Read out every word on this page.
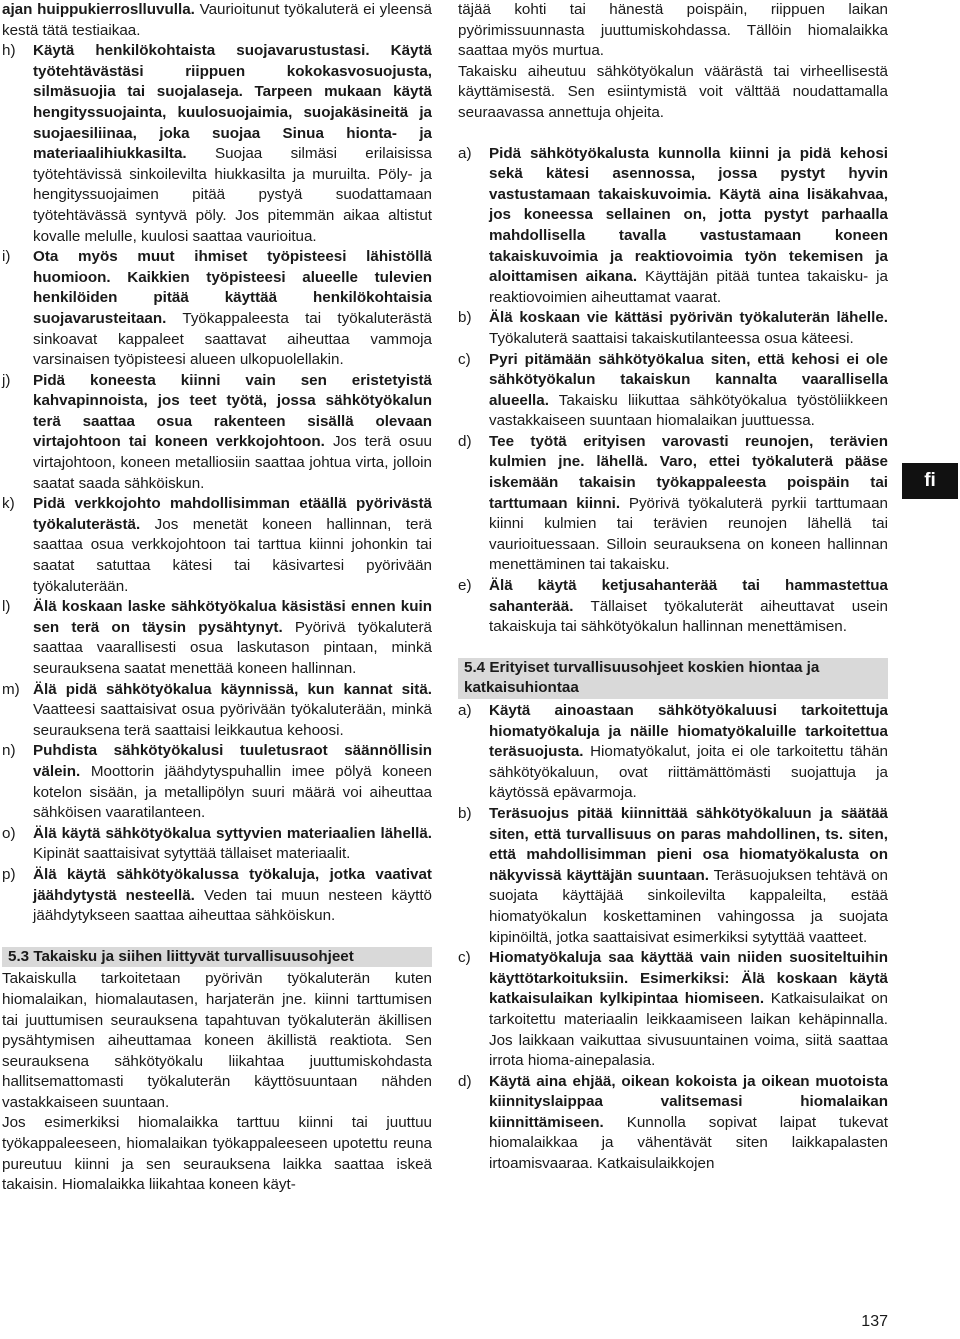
ajan huippukierroslluvulla. Vaurioitunut työkaluterä ei yleensä kestä tätä testiaikaa.
h) Käytä henkilökohtaista suojavarustustasi. Käytä työtehtävästäsi riippuen kokokasvosuojusta, silmäsuojia tai suojalaseja. Tarpeen mukaan käytä hengityssuojainta, kuulosuojaimia, suojakäsineitä ja suojaesiliinaa, joka suojaa Sinua hionta- ja materiaalihiukkasilta. Suojaa silmäsi erilaisissa työtehtävissä sinkoilevilta hiukkasilta ja muruilta. Pöly- ja hengityssuojaimen pitää pystyä suodattamaan työtehtävässä syntyvä pöly. Jos pitemmän aikaa altistut kovalle melulle, kuulosi saattaa vaurioitua.
i) Ota myös muut ihmiset työpisteesi lähistöllä huomioon. Kaikkien työpisteesi alueelle tulevien henkilöiden pitää käyttää henkilökohtaisia suojavarusteitaan. Työkappaleesta tai työkaluterästä sinkoavat kappaleet saattavat aiheuttaa vammoja varsinaisen työpisteesi alueen ulkopuolellakin.
j) Pidä koneesta kiinni vain sen eristetyistä kahvapinnoista, jos teet työtä, jossa sähkötyökalun terä saattaa osua rakenteen sisällä olevaan virtajohtoon tai koneen verkkojohtoon. Jos terä osuu virtajohtoon, koneen metalliosiin saattaa johtua virta, jolloin saatat saada sähköiskun.
k) Pidä verkkojohto mahdollisimman etäällä pyörivästä työkaluterästä. Jos menetät koneen hallinnan, terä saattaa osua verkkojohtoon tai tarttua kiinni johonkin tai saatat satuttaa kätesi tai käsivartesi pyörivään työkaluterään.
l) Älä koskaan laske sähkötyökalua käsistäsi ennen kuin sen terä on täysin pysähtynyt. Pyörivä työkaluterä saattaa vaarallisesti osua laskutason pintaan, minkä seurauksena saatat menettää koneen hallinnan.
m) Älä pidä sähkötyökalua käynnissä, kun kannat sitä. Vaatteesi saattaisivat osua pyörivään työkaluterään, minkä seurauksena terä saattaisi leikkautua kehoosi.
n) Puhdista sähkötyökalusi tuuletusraot säännöllisin välein. Moottorin jäähdytyspuhallin imee pölyä koneen kotelon sisään, ja metallipölyn suuri määrä voi aiheuttaa sähköisen vaaratilanteen.
o) Älä käytä sähkötyökalua syttyvien materiaalien lähellä. Kipinät saattaisivat sytyttää tällaiset materiaalit.
p) Älä käytä sähkötyökalussa työkaluja, jotka vaativat jäähdytystä nesteellä. Veden tai muun nesteen käyttö jäähdytykseen saattaa aiheuttaa sähköiskun.
5.3 Takaisku ja siihen liittyvät turvallisuusohjeet
Takaiskulla tarkoitetaan pyörivän työkaluterän kuten hiomalaikan, hiomalautasen, harjaterän jne. kiinni tarttumisen tai juuttumisen seurauksena tapahtuvan työkaluterän äkillisen pysähtymisen aiheuttamaa koneen äkillistä reaktiota. Sen seurauksena sähkötyökalu liikahtaa juuttumiskohdasta hallitsemattomasti työkaluterän käyttösuuntaan nähden vastakkaiseen suuntaan.
Jos esimerkiksi hiomalaikka tarttuu kiinni tai juuttuu työkappaleeseen, hiomalaikan työkappaleeseen upotettu reuna pureutuu kiinni ja sen seurauksena laikka saattaa iskeä takaisin. Hiomalaikka liikahtaa koneen käyt-
täjää kohti tai hänestä poispäin, riippuen laikan pyörimissuunnasta juuttumiskohdassa. Tällöin hiomalaikka saattaa myös murtua.
Takaisku aiheutuu sähkötyökalun väärästä tai virheellisestä käyttämisestä. Sen esiintymistä voit välttää noudattamalla seuraavassa annettuja ohjeita.
a) Pidä sähkötyökalusta kunnolla kiinni ja pidä kehosi sekä kätesi asennossa, jossa pystyt hyvin vastustamaan takaiskuvoimia. Käytä aina lisäkahvaa, jos koneessa sellainen on, jotta pystyt parhaalla mahdollisella tavalla vastustamaan koneen takaiskuvoimia ja reaktiovoimia työn tekemisen ja aloittamisen aikana. Käyttäjän pitää tuntea takaisku- ja reaktiovoimien aiheuttamat vaarat.
b) Älä koskaan vie kättäsi pyörivän työkaluterän lähelle. Työkaluterä saattaisi takaiskutilanteessa osua käteesi.
c) Pyri pitämään sähkötyökalua siten, että kehosi ei ole sähkötyökalun takaiskun kannalta vaarallisella alueella. Takaisku liikuttaa sähkötyökalua työstöliikkeen vastakkaiseen suuntaan hiomalaikan juuttuessa.
d) Tee työtä erityisen varovasti reunojen, terävien kulmien jne. lähellä. Varo, ettei työkaluterä pääse iskemään takaisin työkappaleesta poispäin tai tarttumaan kiinni. Pyörivä työkaluterä pyrkii tarttumaan kiinni kulmien tai terävien reunojen lähellä tai vaurioituessaan. Silloin seurauksena on koneen hallinnan menettäminen tai takaisku.
e) Älä käytä ketjusahanterää tai hammastettua sahanterää. Tällaiset työkaluterät aiheuttavat usein takaiskuja tai sähkötyökalun hallinnan menettämisen.
5.4 Erityiset turvallisuusohjeet koskien hiontaa ja katkaisuhiontaa
a) Käytä ainoastaan sähkötyökaluusi tarkoitettuja hiomatyökaluja ja näille hiomatyökaluille tarkoitettua teräsuojusta. Hiomatyökalut, joita ei ole tarkoitettu tähän sähkötyökaluun, ovat riittämättömästi suojattuja ja käytössä epävarmoja.
b) Teräsuojus pitää kiinnittää sähkötyökaluun ja säätää siten, että turvallisuus on paras mahdollinen, ts. siten, että mahdollisimman pieni osa hiomatyökalusta on näkyvissä käyttäjän suuntaan. Teräsuojuksen tehtävä on suojata käyttäjää sinkoilevilta kappaleilta, estää hiomatyökalun koskettaminen vahingossa ja suojata kipinöiltä, jotka saattaisivat esimerkiksi sytyttää vaatteet.
c) Hiomatyökaluja saa käyttää vain niiden suositeltuihin käyttötarkoituksiin. Esimerkiksi: Älä koskaan käytä katkaisulaikan kylkipintaa hiomiseen. Katkaisulaikat on tarkoitettu materiaalin leikkaamiseen laikan kehäpinnalla. Jos laikkaan vaikuttaa sivusuuntainen voima, siitä saattaa irrota hioma-ainepalasia.
d) Käytä aina ehjää, oikean kokoista ja oikean muotoista kiinnityslaippaa valitsemasi hiomalaikan kiinnittämiseen. Kunnolla sopivat laipat tukevat hiomalaikkaa ja vähentävät siten laikkapalasten irtoamisvaaraa. Katkaisulaikkojen
fi
137
